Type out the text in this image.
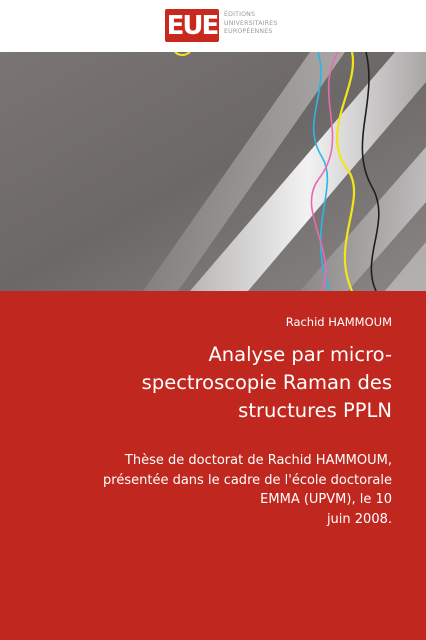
EUE ÉDITIONS
UNIVERSITAIRES
EUROPÉENNES
Rachid HAMMOUM
Analyse par micro-
spectroscopie Raman des
structures PPLN
Thèse de doctorat de Rachid HAMMOUM,
présentée dans le cadre de l'école doctorale
EMMA (UPVM), le 10
juin 2008.
